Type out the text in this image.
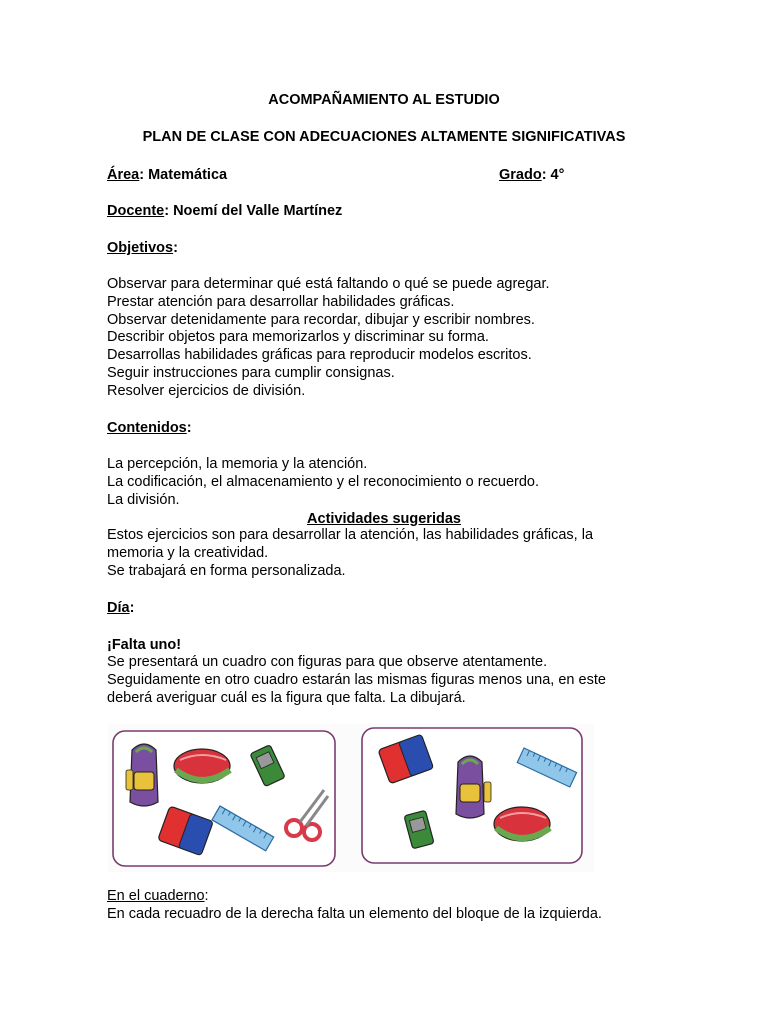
ACOMPAÑAMIENTO AL ESTUDIO
PLAN DE CLASE CON ADECUACIONES ALTAMENTE SIGNIFICATIVAS
Área: Matemática	Grado: 4°
Docente: Noemí del Valle Martínez
Objetivos:
Observar para determinar qué está faltando o qué se puede agregar.
Prestar atención para desarrollar habilidades gráficas.
Observar detenidamente para recordar, dibujar y escribir nombres.
Describir objetos para memorizarlos y discriminar su forma.
Desarrollas habilidades gráficas para reproducir modelos escritos.
Seguir instrucciones para cumplir consignas.
Resolver ejercicios de división.
Contenidos:
La percepción, la memoria y la atención.
La codificación, el almacenamiento y el reconocimiento o recuerdo.
La división.
Actividades sugeridas
Estos ejercicios son para desarrollar la atención, las habilidades gráficas, la
memoria y la creatividad.
Se trabajará en forma personalizada.
Día:
¡Falta uno!
Se presentará un cuadro con figuras para que observe atentamente.
Seguidamente en otro cuadro estarán las mismas figuras menos una, en este
deberá averiguar cuál es la figura que falta. La dibujará.
En el cuaderno:
En cada recuadro de la derecha falta un elemento del bloque de la izquierda.
